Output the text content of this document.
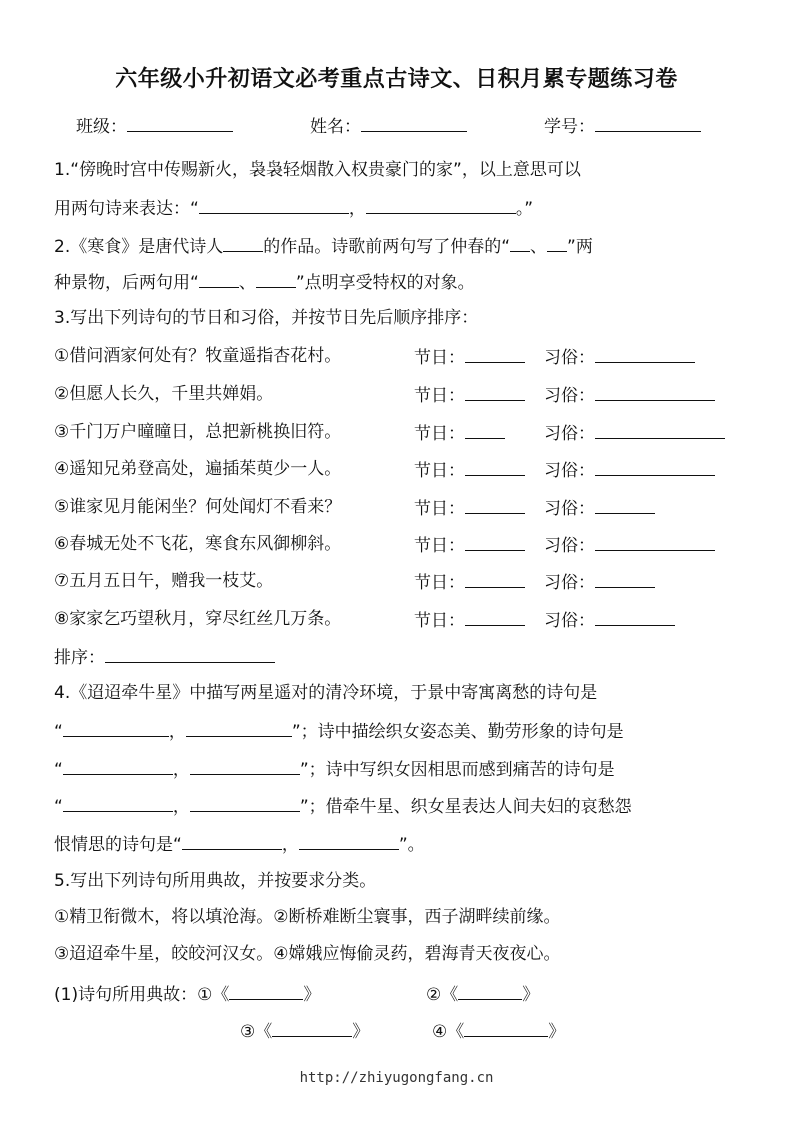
六年级小升初语文必考重点古诗文、日积月累专题练习卷
班级：	姓名：	学号：
1.“傍晚时宫中传赐新火，袅袅轻烟散入权贵豪门的家”，以上意思可以
用两句诗来表达：“	，	。”
2.《寒食》是唐代诗人 的作品。诗歌前两句写了仲春的“ 、 ”两
种景物，后两句用“ 、 ”点明享受特权的对象。
3.写出下列诗句的节日和习俗，并按节日先后顺序排序：
①借问酒家何处有？牧童遥指杏花村。	节日：	习俗：
②但愿人长久，千里共婵娟。	节日：	习俗：
③千门万户曈曈日，总把新桃换旧符。	节日：	习俗：
④遥知兄弟登高处，遍插茱萸少一人。	节日：	习俗：
⑤谁家见月能闲坐？何处闻灯不看来？	节日：	习俗：
⑥春城无处不飞花，寒食东风御柳斜。	节日：	习俗：
⑦五月五日午，赠我一枝艾。	节日：	习俗：
⑧家家乞巧望秋月，穿尽红丝几万条。	节日：	习俗：
排序：
4.《迢迢牵牛星》中描写两星遥对的清冷环境，于景中寄寓离愁的诗句是
“	，	”；诗中描绘织女姿态美、勤劳形象的诗句是
“	，	”；诗中写织女因相思而感到痛苦的诗句是
“	，	”；借牵牛星、织女星表达人间夫妇的哀愁怨
恨情思的诗句是“	，	”。
5.写出下列诗句所用典故，并按要求分类。
①精卫衔微木，将以填沧海。②断桥难断尘寰事，西子湖畔续前缘。
③迢迢牵牛星，皎皎河汉女。④嫦娥应悔偷灵药，碧海青天夜夜心。
(1)诗句所用典故：①《	》	②《	》
③《	》	④《	》
http://zhiyugongfang.cn
